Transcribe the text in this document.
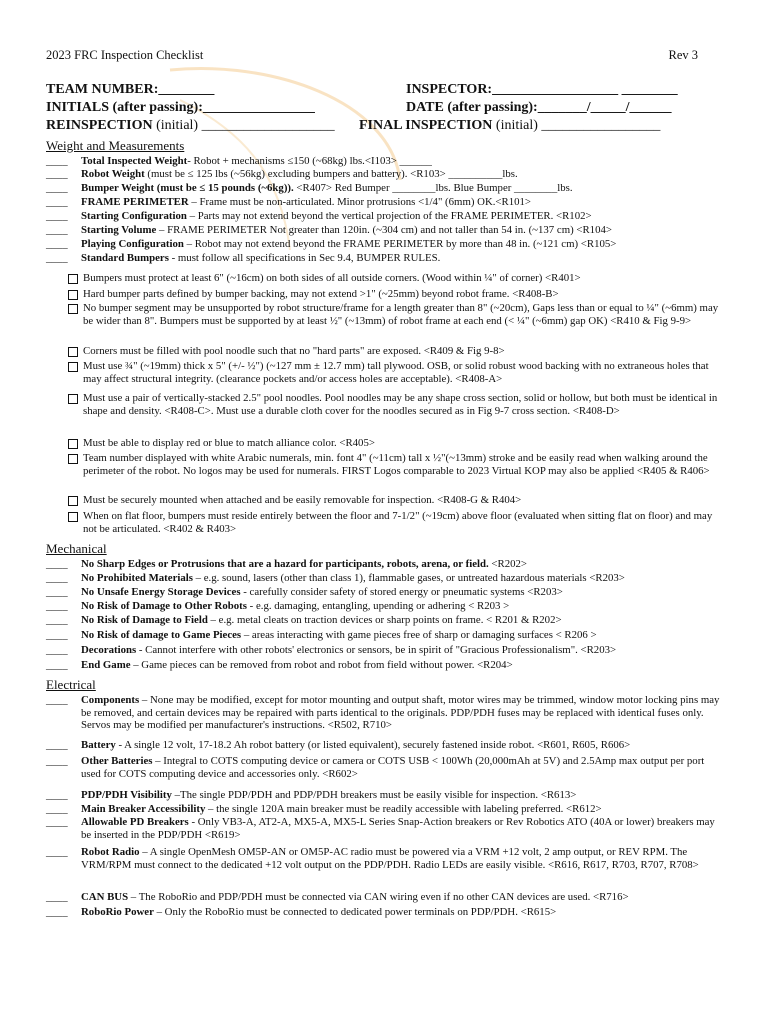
2023 FRC Inspection Checklist	Rev 3
TEAM NUMBER:________	INSPECTOR:__________________ ________
INITIALS (after passing):________________	DATE (after passing):_______/_____/______
REINSPECTION (initial) ___________________ FINAL INSPECTION (initial) _________________
Weight and Measurements
____ Total Inspected Weight- Robot + mechanisms ≤150 (~68kg) lbs.<I103> ______
____ Robot Weight (must be ≤ 125 lbs (~56kg) excluding bumpers and battery). <R103> __________lbs.
____ Bumper Weight (must be ≤ 15 pounds (~6kg)). <R407> Red Bumper ________lbs. Blue Bumper ________lbs.
____ FRAME PERIMETER – Frame must be non-articulated. Minor protrusions <1/4" (6mm) OK.<R101>
____ Starting Configuration – Parts may not extend beyond the vertical projection of the FRAME PERIMETER. <R102>
____ Starting Volume – FRAME PERIMETER Not greater than 120in. (~304 cm) and not taller than 54 in. (~137 cm) <R104>
____ Playing Configuration – Robot may not extend beyond the FRAME PERIMETER by more than 48 in. (~121 cm) <R105>
____ Standard Bumpers - must follow all specifications in Sec 9.4, BUMPER RULES.
Bumpers must protect at least 6" (~16cm) on both sides of all outside corners. (Wood within ¼" of corner) <R401>
Hard bumper parts defined by bumper backing, may not extend >1" (~25mm) beyond robot frame. <R408-B>
No bumper segment may be unsupported by robot structure/frame for a length greater than 8" (~20cm), Gaps less than or equal to ¼" (~6mm) may be wider than 8". Bumpers must be supported by at least ½" (~13mm) of robot frame at each end (< ¼" (~6mm) gap OK) <R410 & Fig 9-9>
Corners must be filled with pool noodle such that no "hard parts" are exposed. <R409 & Fig 9-8>
Must use ¾" (~19mm) thick x 5" (+/- ½") (~127 mm ± 12.7 mm) tall plywood. OSB, or solid robust wood backing with no extraneous holes that may affect structural integrity. (clearance pockets and/or access holes are acceptable). <R408-A>
Must use a pair of vertically-stacked 2.5" pool noodles. Pool noodles may be any shape cross section, solid or hollow, but both must be identical in shape and density. <R408-C>. Must use a durable cloth cover for the noodles secured as in Fig 9-7 cross section. <R408-D>
Must be able to display red or blue to match alliance color. <R405>
Team number displayed with white Arabic numerals, min. font 4" (~11cm) tall x ½"(~13mm) stroke and be easily read when walking around the perimeter of the robot. No logos may be used for numerals. FIRST Logos comparable to 2023 Virtual KOP may also be applied <R405 & R406>
Must be securely mounted when attached and be easily removable for inspection. <R408-G & R404>
When on flat floor, bumpers must reside entirely between the floor and 7-1/2" (~19cm) above floor (evaluated when sitting flat on floor) and may not be articulated. <R402 & R403>
Mechanical
____ No Sharp Edges or Protrusions that are a hazard for participants, robots, arena, or field. <R202>
____ No Prohibited Materials – e.g. sound, lasers (other than class 1), flammable gases, or untreated hazardous materials <R203>
____ No Unsafe Energy Storage Devices - carefully consider safety of stored energy or pneumatic systems <R203>
____ No Risk of Damage to Other Robots - e.g. damaging, entangling, upending or adhering < R203 >
____ No Risk of Damage to Field – e.g. metal cleats on traction devices or sharp points on frame. < R201 & R202>
____ No Risk of damage to Game Pieces – areas interacting with game pieces free of sharp or damaging surfaces < R206 >
____ Decorations - Cannot interfere with other robots' electronics or sensors, be in spirit of "Gracious Professionalism". <R203>
____ End Game – Game pieces can be removed from robot and robot from field without power. <R204>
Electrical
____ Components – None may be modified, except for motor mounting and output shaft, motor wires may be trimmed, window motor locking pins may be removed, and certain devices may be repaired with parts identical to the originals. PDP/PDH fuses may be replaced with identical fuses only. Servos may be modified per manufacturer's instructions. <R502, R710>
____ Battery - A single 12 volt, 17-18.2 Ah robot battery (or listed equivalent), securely fastened inside robot. <R601, R605, R606>
____ Other Batteries – Integral to COTS computing device or camera or COTS USB < 100Wh (20,000mAh at 5V) and 2.5Amp max output per port used for COTS computing device and accessories only. <R602>
____ PDP/PDH Visibility –The single PDP/PDH and PDP/PDH breakers must be easily visible for inspection. <R613>
____ Main Breaker Accessibility – the single 120A main breaker must be readily accessible with labeling preferred. <R612>
____ Allowable PD Breakers - Only VB3-A, AT2-A, MX5-A, MX5-L Series Snap-Action breakers or Rev Robotics ATO (40A or lower) breakers may be inserted in the PDP/PDH <R619>
____ Robot Radio – A single OpenMesh OM5P-AN or OM5P-AC radio must be powered via a VRM +12 volt, 2 amp output, or REV RPM. The VRM/RPM must connect to the dedicated +12 volt output on the PDP/PDH. Radio LEDs are easily visible. <R616, R617, R703, R707, R708>
____ CAN BUS – The RoboRio and PDP/PDH must be connected via CAN wiring even if no other CAN devices are used. <R716>
____ RoboRio Power – Only the RoboRio must be connected to dedicated power terminals on PDP/PDH. <R615>
